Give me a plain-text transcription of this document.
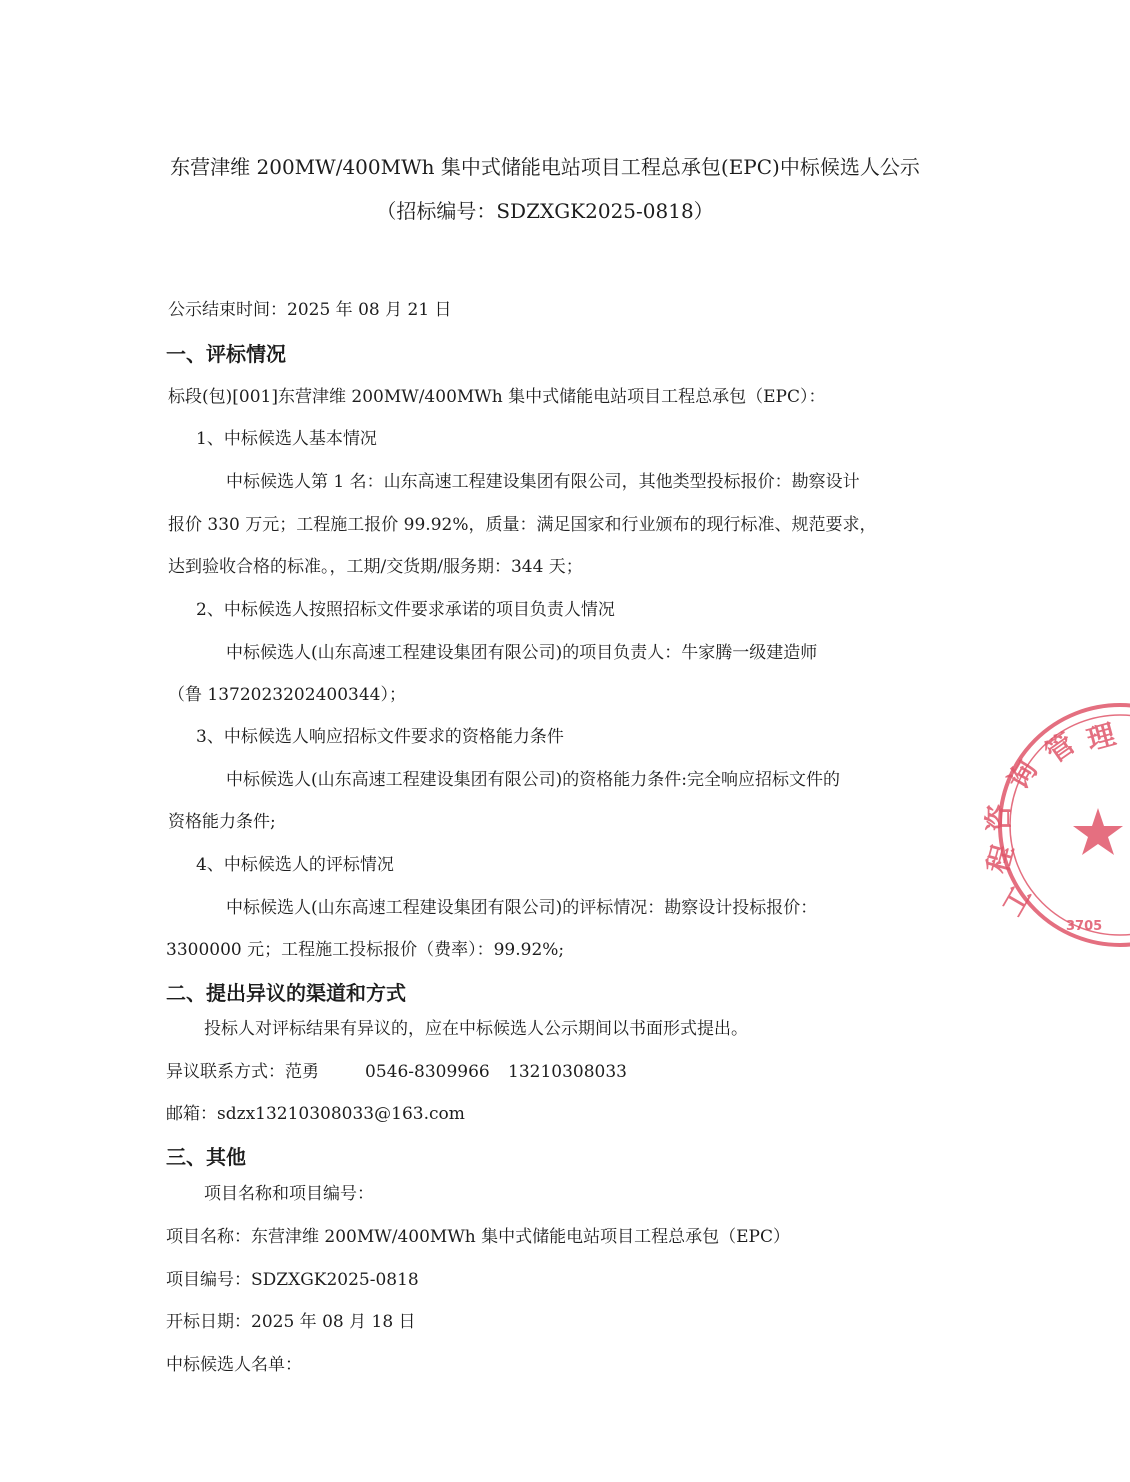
东营津维 200MW/400MWh 集中式储能电站项目工程总承包(EPC)中标候选人公示
（招标编号：SDZXGK2025-0818）
公示结束时间：2025 年 08 月 21 日
一、评标情况
标段(包)[001]东营津维 200MW/400MWh 集中式储能电站项目工程总承包（EPC）：
1、中标候选人基本情况
中标候选人第 1 名：山东高速工程建设集团有限公司，其他类型投标报价：勘察设计
报价 330 万元；工程施工报价 99.92%，质量：满足国家和行业颁布的现行标准、规范要求，
达到验收合格的标准。，工期/交货期/服务期：344 天；
2、中标候选人按照招标文件要求承诺的项目负责人情况
中标候选人(山东高速工程建设集团有限公司)的项目负责人：牛家腾一级建造师
（鲁 1372023202400344）；
3、中标候选人响应招标文件要求的资格能力条件
中标候选人(山东高速工程建设集团有限公司)的资格能力条件:完全响应招标文件的
资格能力条件;
4、中标候选人的评标情况
中标候选人(山东高速工程建设集团有限公司)的评标情况：勘察设计投标报价：
3300000 元；工程施工投标报价（费率）：99.92%;
二、提出异议的渠道和方式
投标人对评标结果有异议的，应在中标候选人公示期间以书面形式提出。
异议联系方式：范勇	0546-8309966 13210308033
邮箱：sdzx13210308033@163.com
三、其他
项目名称和项目编号：
项目名称：东营津维 200MW/400MWh 集中式储能电站项目工程总承包（EPC）
项目编号：SDZXGK2025-0818
开标日期：2025 年 08 月 18 日
中标候选人名单：
工
程
咨
询
管 理
3705
